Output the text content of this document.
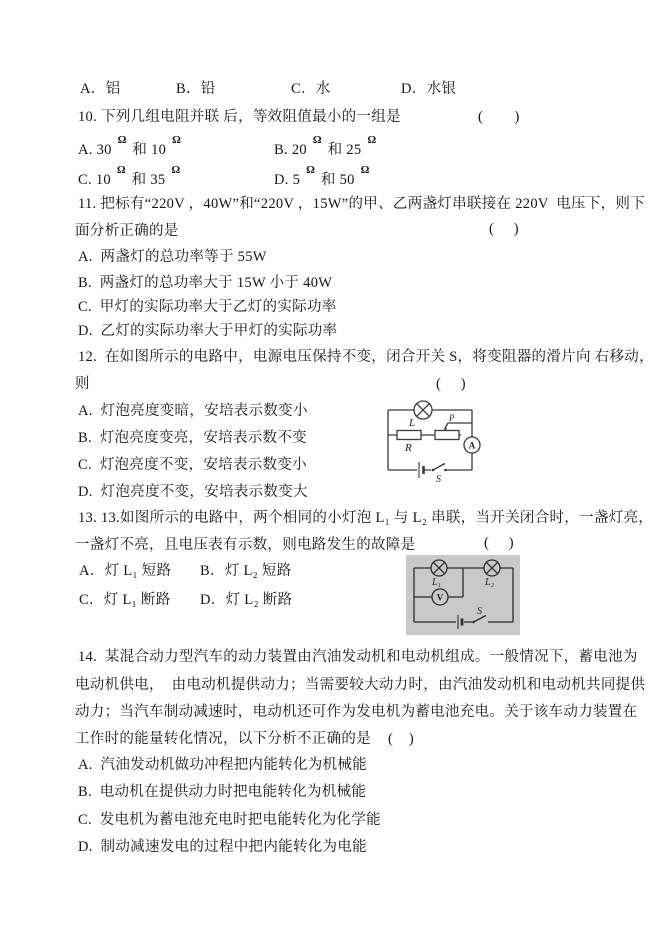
A．铝	B．铅	C．水	D．水银
10. 下列几组电阻并联 后，等效阻值最小的一组是	(        )
A. 30 $^\Omega$ 和 10 $^\Omega$
B. 20 $^\Omega$ 和 25 $^\Omega$
C. 10 $^\Omega$ 和 35 $^\Omega$
D. 5 $^\Omega$ 和 50 $^\Omega$
11. 把标有“220V ，40W”和“220V ，15W”的甲、乙两盏灯串联接在 220V  电压下，则下
面分析正确的是	(     )
A.  两盏灯的总功率等于 55W
B.  两盏灯的总功率大于 15W 小于 40W
C.  甲灯的实际功率大于乙灯的实际功率
D.  乙灯的实际功率大于甲灯的实际功率
12.  在如图所示的电路中，电源电压保持不变，闭合开关 S，将变阻器的滑片向 右移动，
则	(     )
A.  灯泡亮度变暗，安培表示数变小
B.  灯泡亮度变亮，安培表示数不变
C.  灯泡亮度不变，安培表示数变小
D.  灯泡亮度不变，安培表示数变大
L
R
P
A
S
13. 13.如图所示的电路中，两个相同的小灯泡 L₁ 与 L₂ 串联，当开关闭合时，一盏灯亮，
一盏灯不亮，且电压表有示数，则电路发生的故障是	(     )
A．灯 L₁ 短路 B．灯 L₂ 短路
C．灯 L₁ 断路 D．灯 L₂ 断路
L₁	L₂
V
S
14.  某混合动力型汽车的动力装置由汽油发动机和电动机组成。一般情况下，蓄电池为
电动机供电，  由电动机提供动力；当需要较大动力时，由汽油发动机和电动机共同提供
动力；当汽车制动减速时，电动机还可作为发电机为蓄电池充电。关于该车动力装置在
工作时的能量转化情况，以下分析不正确的是 (    )
A.  汽油发动机做功冲程把内能转化为机械能
B.  电动机在提供动力时把电能转化为机械能
C.  发电机为蓄电池充电时把电能转化为化学能
D.  制动减速发电的过程中把内能转化为电能
